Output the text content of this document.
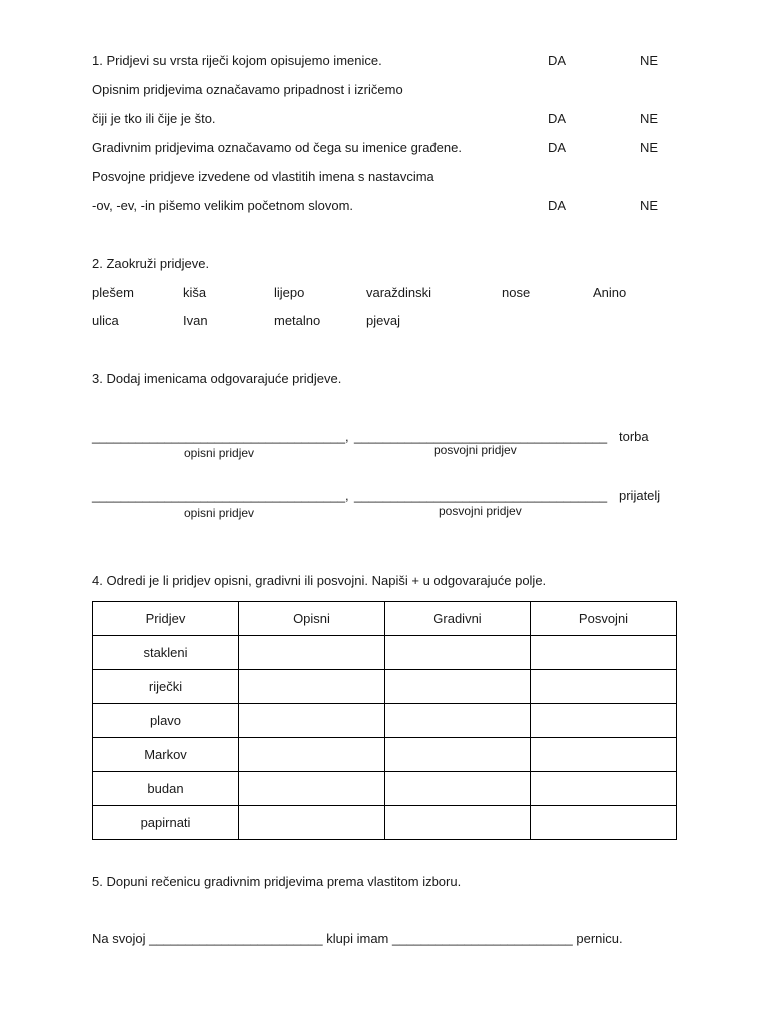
1. Pridjevi su vrsta riječi kojom opisujemo imenice.	DA	NE
Opisnim pridjevima označavamo pripadnost i izričemo
čiji je tko ili čije je što.	DA	NE
Gradivnim pridjevima označavamo od čega su imenice građene.	DA	NE
Posvojne pridjeve izvedene od vlastitih imena s nastavcima
-ov, -ev, -in pišemo velikim početnom slovom.	DA	NE
2. Zaokruži pridjeve.
plešem	kiša	lijepo	varaždinski	nose	Anino
ulica	Ivan	metalno	pjevaj
3. Dodaj imenicama odgovarajuće pridjeve.
___________________________________, ___________________________________ torba
opisni pridjev	posvojni pridjev
___________________________________, ___________________________________ prijatelj
opisni pridjev	posvojni pridjev
4. Odredi je li pridjev opisni, gradivni ili posvojni. Napiši + u odgovarajuće polje.
Pridjev	Opisni	Gradivni	Posvojni
stakleni			
riječki			
plavo			
Markov			
budan			
papirnati			
5. Dopuni rečenicu gradivnim pridjevima prema vlastitom izboru.
Na svojoj ________________________ klupi imam _________________________ pernicu.
